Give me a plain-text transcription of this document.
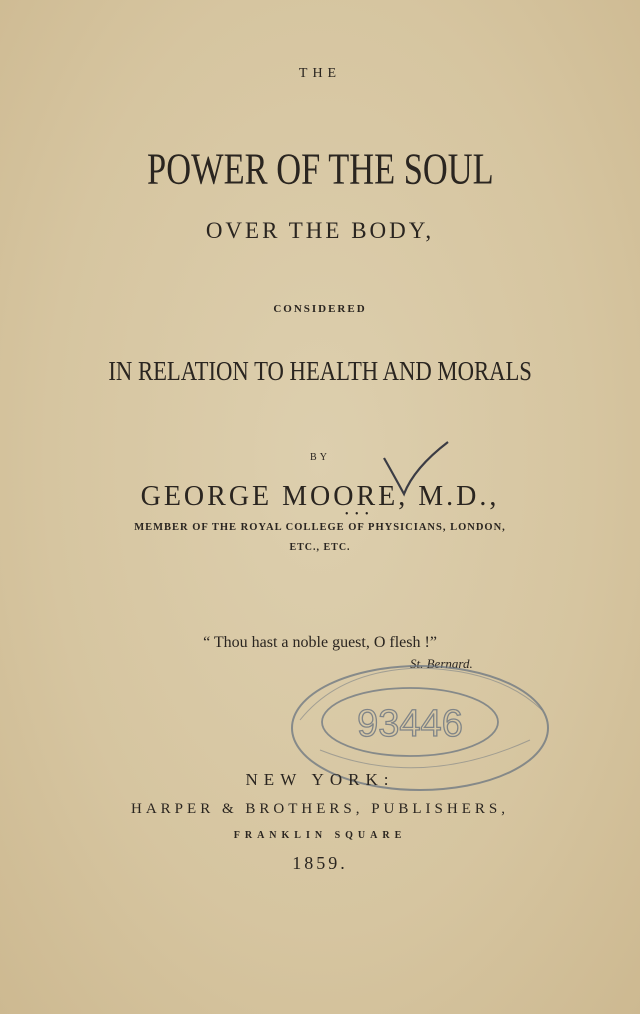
THE
POWER OF THE SOUL
OVER THE BODY,
CONSIDERED
IN RELATION TO HEALTH AND MORALS
BY
GEORGE MOORE, M.D.,
• • •
MEMBER OF THE ROYAL COLLEGE OF PHYSICIANS, LONDON,
ETC., ETC.
“ Thou hast a noble guest, O flesh !”
St. Bernard.
93446
NEW YORK:
HARPER & BROTHERS, PUBLISHERS,
FRANKLIN SQUARE
1859.
